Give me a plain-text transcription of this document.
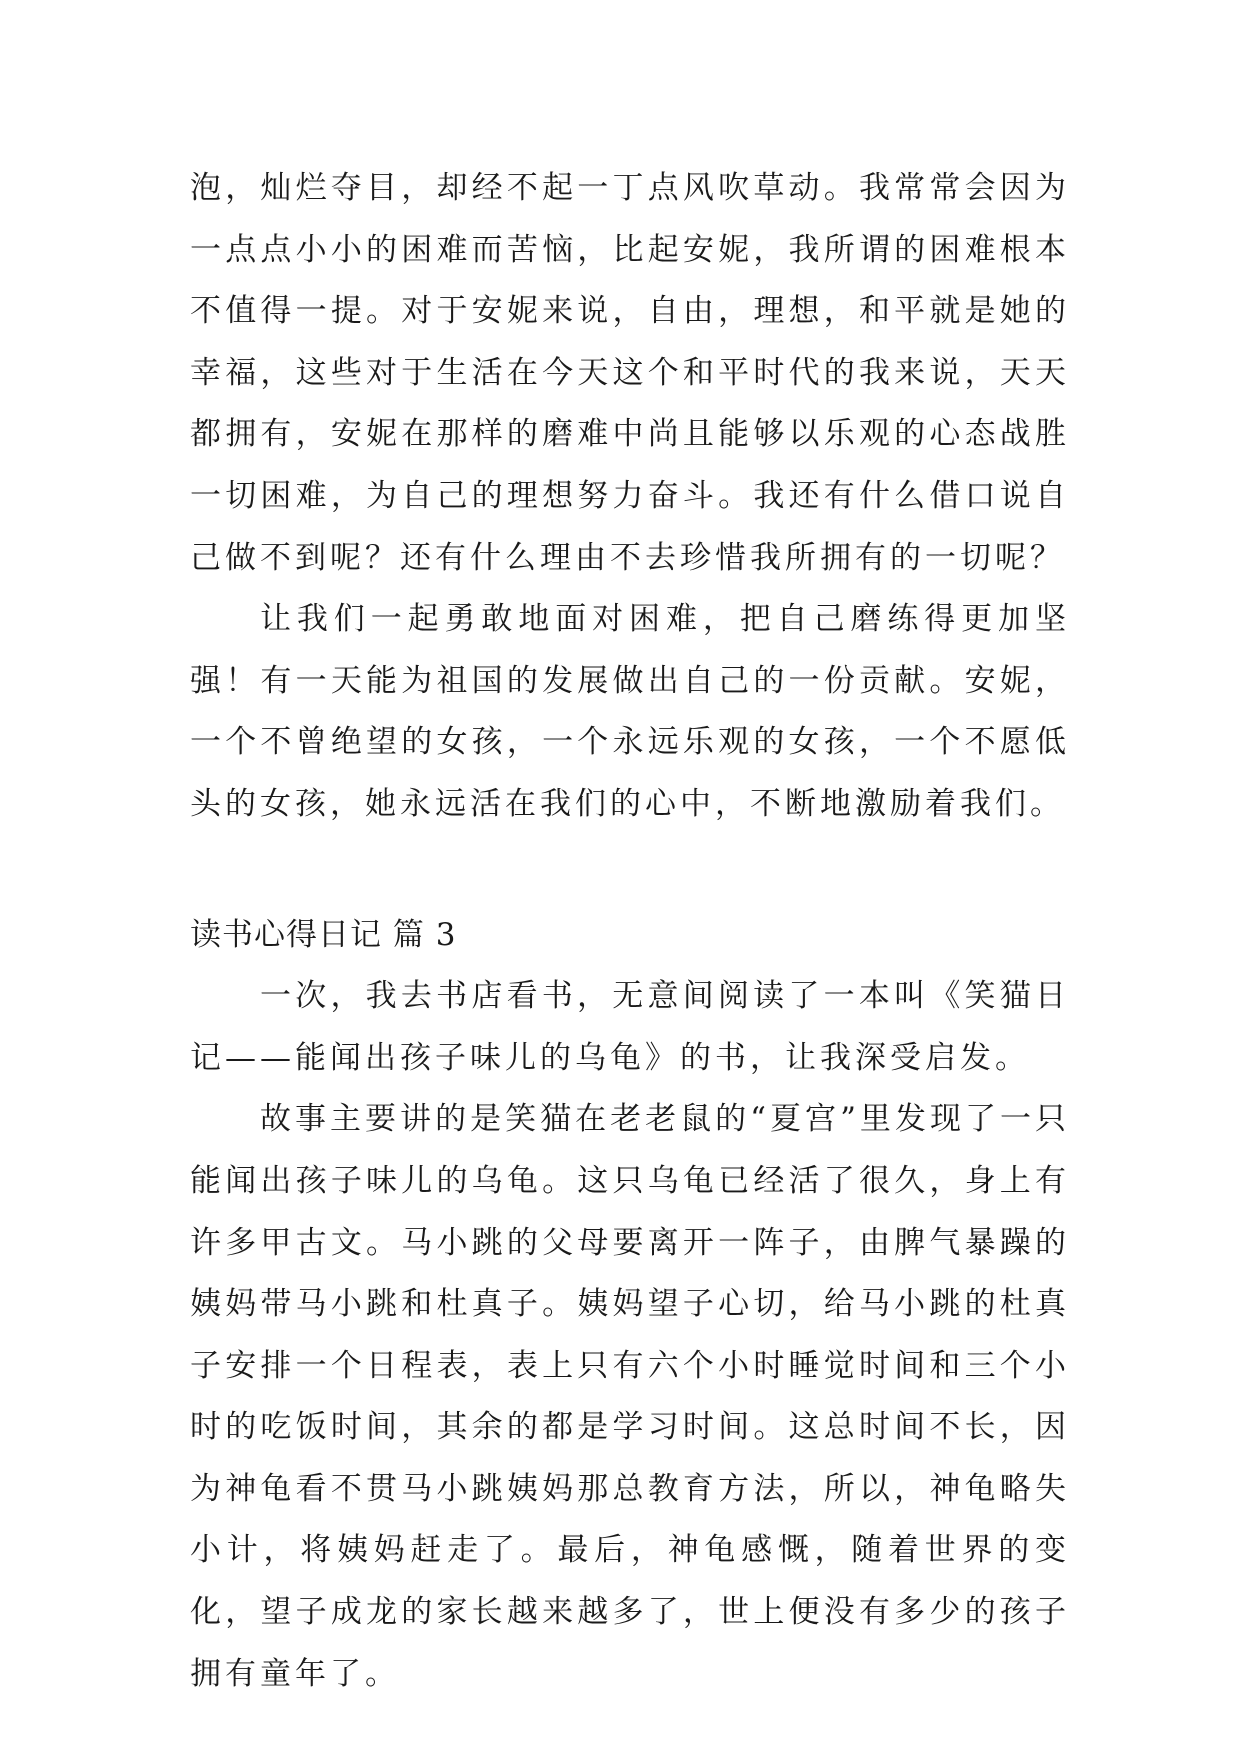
泡，灿烂夺目，却经不起一丁点风吹草动。我常常会因为一点点小小的困难而苦恼，比起安妮，我所谓的困难根本不值得一提。对于安妮来说，自由，理想，和平就是她的幸福，这些对于生活在今天这个和平时代的我来说，天天都拥有，安妮在那样的磨难中尚且能够以乐观的心态战胜一切困难，为自己的理想努力奋斗。我还有什么借口说自己做不到呢？还有什么理由不去珍惜我所拥有的一切呢？

让我们一起勇敢地面对困难，把自己磨练得更加坚强！有一天能为祖国的发展做出自己的一份贡献。安妮，一个不曾绝望的女孩，一个永远乐观的女孩，一个不愿低头的女孩，她永远活在我们的心中，不断地激励着我们。

读书心得日记 篇 3

一次，我去书店看书，无意间阅读了一本叫《笑猫日记——能闻出孩子味儿的乌龟》的书，让我深受启发。

故事主要讲的是笑猫在老老鼠的“夏宫”里发现了一只能闻出孩子味儿的乌龟。这只乌龟已经活了很久，身上有许多甲古文。马小跳的父母要离开一阵子，由脾气暴躁的姨妈带马小跳和杜真子。姨妈望子心切，给马小跳的杜真子安排一个日程表，表上只有六个小时睡觉时间和三个小时的吃饭时间，其余的都是学习时间。这总时间不长，因为神龟看不贯马小跳姨妈那总教育方法，所以，神龟略失小计，将姨妈赶走了。最后，神龟感慨，随着世界的变化，望子成龙的家长越来越多了，世上便没有多少的孩子拥有童年了。
